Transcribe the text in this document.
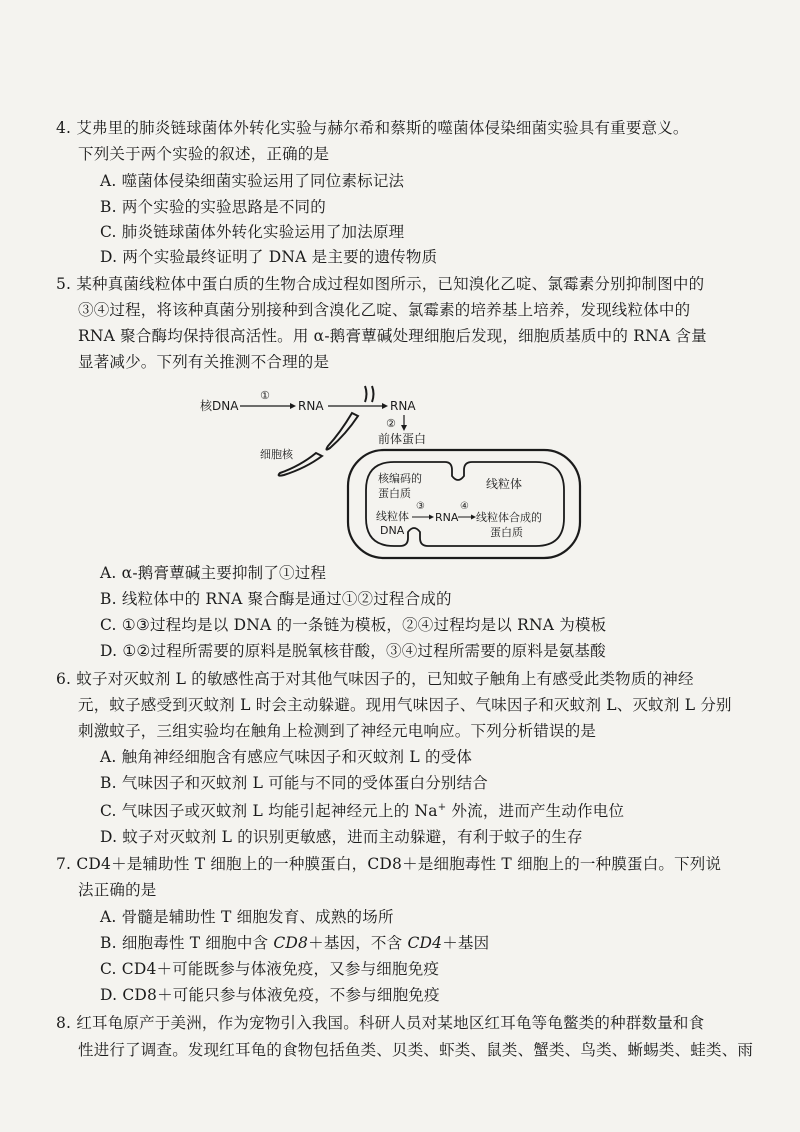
4. 艾弗里的肺炎链球菌体外转化实验与赫尔希和蔡斯的噬菌体侵染细菌实验具有重要意义。
下列关于两个实验的叙述，正确的是
A. 噬菌体侵染细菌实验运用了同位素标记法
B. 两个实验的实验思路是不同的
C. 肺炎链球菌体外转化实验运用了加法原理
D. 两个实验最终证明了 DNA 是主要的遗传物质
5. 某种真菌线粒体中蛋白质的生物合成过程如图所示，已知溴化乙啶、氯霉素分别抑制图中的
③④过程，将该种真菌分别接种到含溴化乙啶、氯霉素的培养基上培养，发现线粒体中的
RNA 聚合酶均保持很高活性。用 α-鹅膏蕈碱处理细胞后发现，细胞质基质中的 RNA 含量
显著减少。下列有关推测不合理的是
核DNA
①
RNA	RNA
②
前体蛋白
细胞核
线粒体
核编码的
蛋白质
线粒体
DNA
③
RNA
④
线粒体合成的
蛋白质
A. α-鹅膏蕈碱主要抑制了①过程
B. 线粒体中的 RNA 聚合酶是通过①②过程合成的
C. ①③过程均是以 DNA 的一条链为模板，②④过程均是以 RNA 为模板
D. ①②过程所需要的原料是脱氧核苷酸，③④过程所需要的原料是氨基酸
6. 蚊子对灭蚊剂 L 的敏感性高于对其他气味因子的，已知蚊子触角上有感受此类物质的神经
元，蚊子感受到灭蚊剂 L 时会主动躲避。现用气味因子、气味因子和灭蚊剂 L、灭蚊剂 L 分别
刺激蚊子，三组实验均在触角上检测到了神经元电响应。下列分析错误的是
A. 触角神经细胞含有感应气味因子和灭蚊剂 L 的受体
B. 气味因子和灭蚊剂 L 可能与不同的受体蛋白分别结合
C. 气味因子或灭蚊剂 L 均能引起神经元上的 Na+ 外流，进而产生动作电位
D. 蚊子对灭蚊剂 L 的识别更敏感，进而主动躲避，有利于蚊子的生存
7. CD4＋是辅助性 T 细胞上的一种膜蛋白，CD8＋是细胞毒性 T 细胞上的一种膜蛋白。下列说
法正确的是
A. 骨髓是辅助性 T 细胞发育、成熟的场所
B. 细胞毒性 T 细胞中含 CD8＋基因，不含 CD4＋基因
C. CD4＋可能既参与体液免疫，又参与细胞免疫
D. CD8＋可能只参与体液免疫，不参与细胞免疫
8. 红耳龟原产于美洲，作为宠物引入我国。科研人员对某地区红耳龟等龟鳖类的种群数量和食
性进行了调查。发现红耳龟的食物包括鱼类、贝类、虾类、鼠类、蟹类、鸟类、蜥蜴类、蛙类、雨
